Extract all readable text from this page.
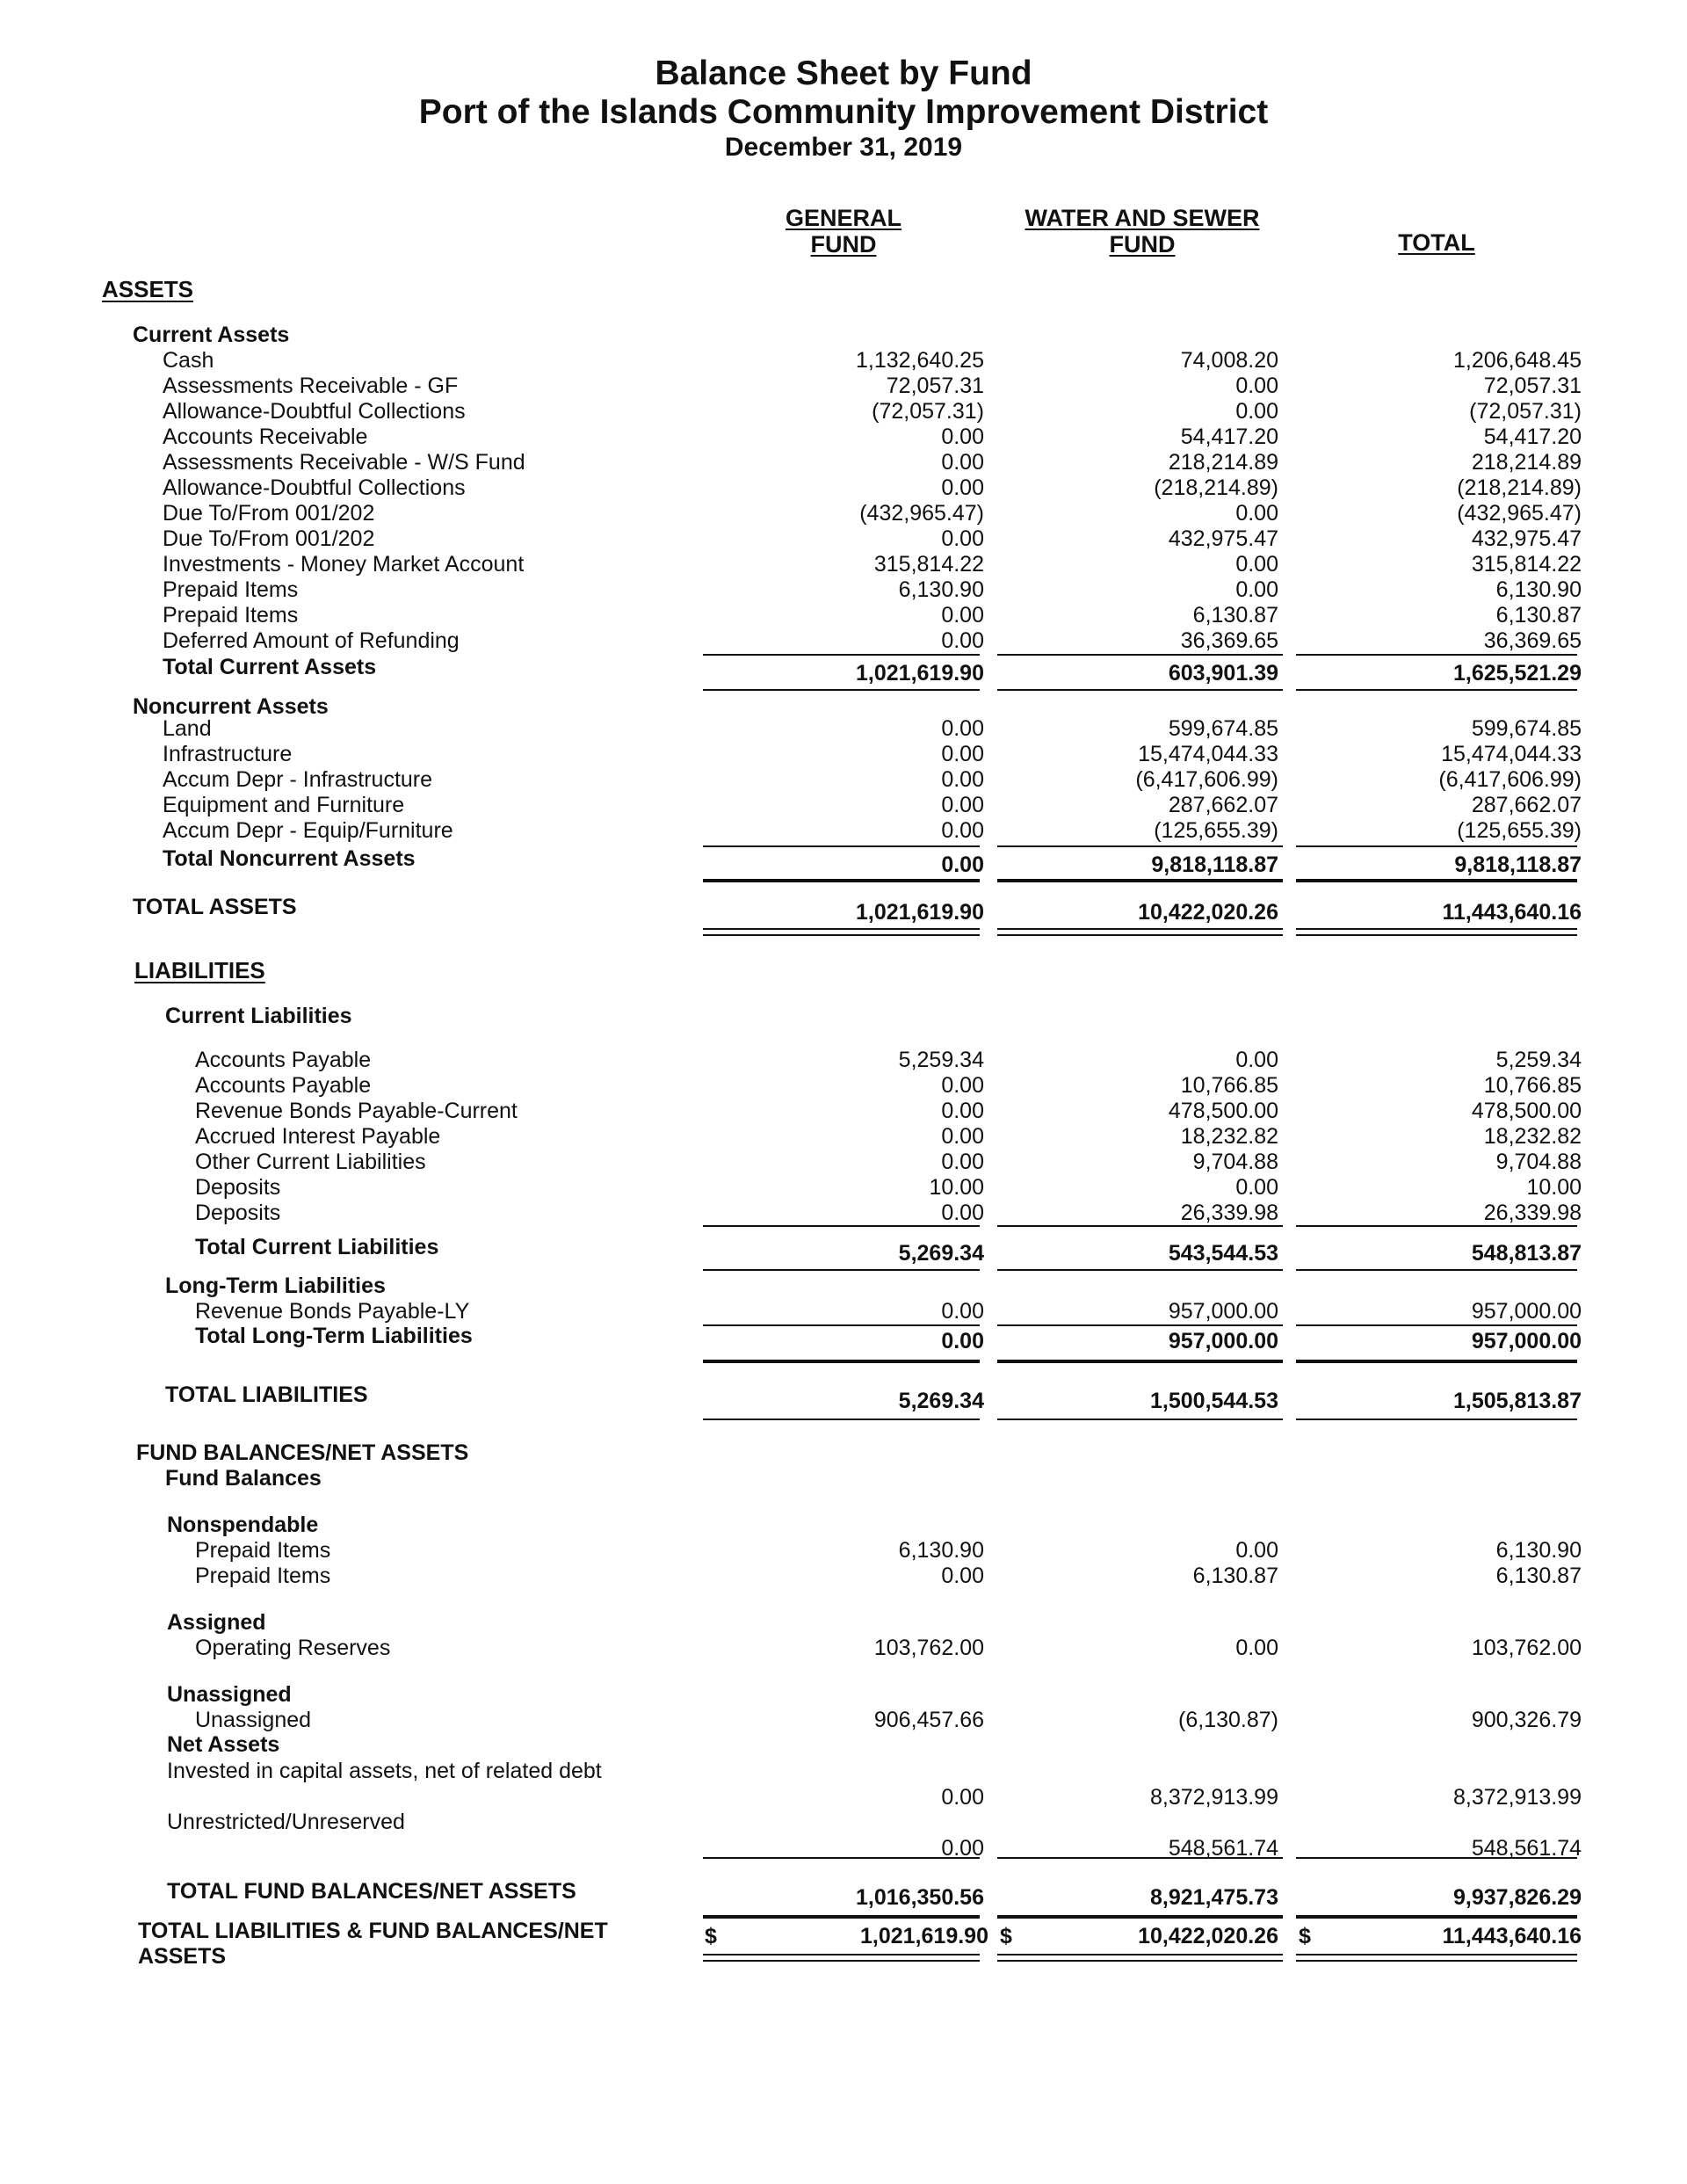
Balance Sheet by Fund
Port of the Islands Community Improvement District
December 31, 2019
GENERAL
FUND
WATER AND SEWER
FUND	TOTAL
ASSETS
Current Assets
Cash	1,132,640.25	74,008.20	1,206,648.45
Assessments Receivable - GF	72,057.31	0.00	72,057.31
Allowance-Doubtful Collections	(72,057.31)	0.00	(72,057.31)
Accounts Receivable	0.00	54,417.20	54,417.20
Assessments Receivable - W/S Fund	0.00	218,214.89	218,214.89
Allowance-Doubtful Collections	0.00	(218,214.89)	(218,214.89)
Due To/From 001/202	(432,965.47)	0.00	(432,965.47)
Due To/From 001/202	0.00	432,975.47	432,975.47
Investments - Money Market Account	315,814.22	0.00	315,814.22
Prepaid Items	6,130.90	0.00	6,130.90
Prepaid Items	0.00	6,130.87	6,130.87
Deferred Amount of Refunding	0.00	36,369.65	36,369.65
Total Current Assets	1,021,619.90	603,901.39	1,625,521.29
Noncurrent Assets
Land	0.00	599,674.85	599,674.85
Infrastructure	0.00	15,474,044.33	15,474,044.33
Accum Depr - Infrastructure	0.00	(6,417,606.99)	(6,417,606.99)
Equipment and Furniture	0.00	287,662.07	287,662.07
Accum Depr - Equip/Furniture	0.00	(125,655.39)	(125,655.39)
Total Noncurrent Assets	0.00	9,818,118.87	9,818,118.87
TOTAL ASSETS	1,021,619.90	10,422,020.26	11,443,640.16
LIABILITIES
Current Liabilities
Accounts Payable	5,259.34	0.00	5,259.34
Accounts Payable	0.00	10,766.85	10,766.85
Revenue Bonds Payable-Current	0.00	478,500.00	478,500.00
Accrued Interest Payable	0.00	18,232.82	18,232.82
Other Current Liabilities	0.00	9,704.88	9,704.88
Deposits	10.00	0.00	10.00
Deposits	0.00	26,339.98	26,339.98
Total Current Liabilities	5,269.34	543,544.53	548,813.87
Long-Term Liabilities
Revenue Bonds Payable-LY	0.00	957,000.00	957,000.00
Total Long-Term Liabilities	0.00	957,000.00	957,000.00
TOTAL LIABILITIES	5,269.34	1,500,544.53	1,505,813.87
FUND BALANCES/NET ASSETS
Fund Balances
Nonspendable
Prepaid Items	6,130.90	0.00	6,130.90
Prepaid Items	0.00	6,130.87	6,130.87
Assigned
Operating Reserves	103,762.00	0.00	103,762.00
Unassigned
Unassigned	906,457.66	(6,130.87)	900,326.79
Net Assets
Invested in capital assets, net of related debt
0.00	8,372,913.99	8,372,913.99
Unrestricted/Unreserved
0.00	548,561.74	548,561.74
TOTAL FUND BALANCES/NET ASSETS	1,016,350.56	8,921,475.73	9,937,826.29
TOTAL LIABILITIES & FUND BALANCES/NET
ASSETS
$	$	$
1,021,619.90	10,422,020.26	11,443,640.16
